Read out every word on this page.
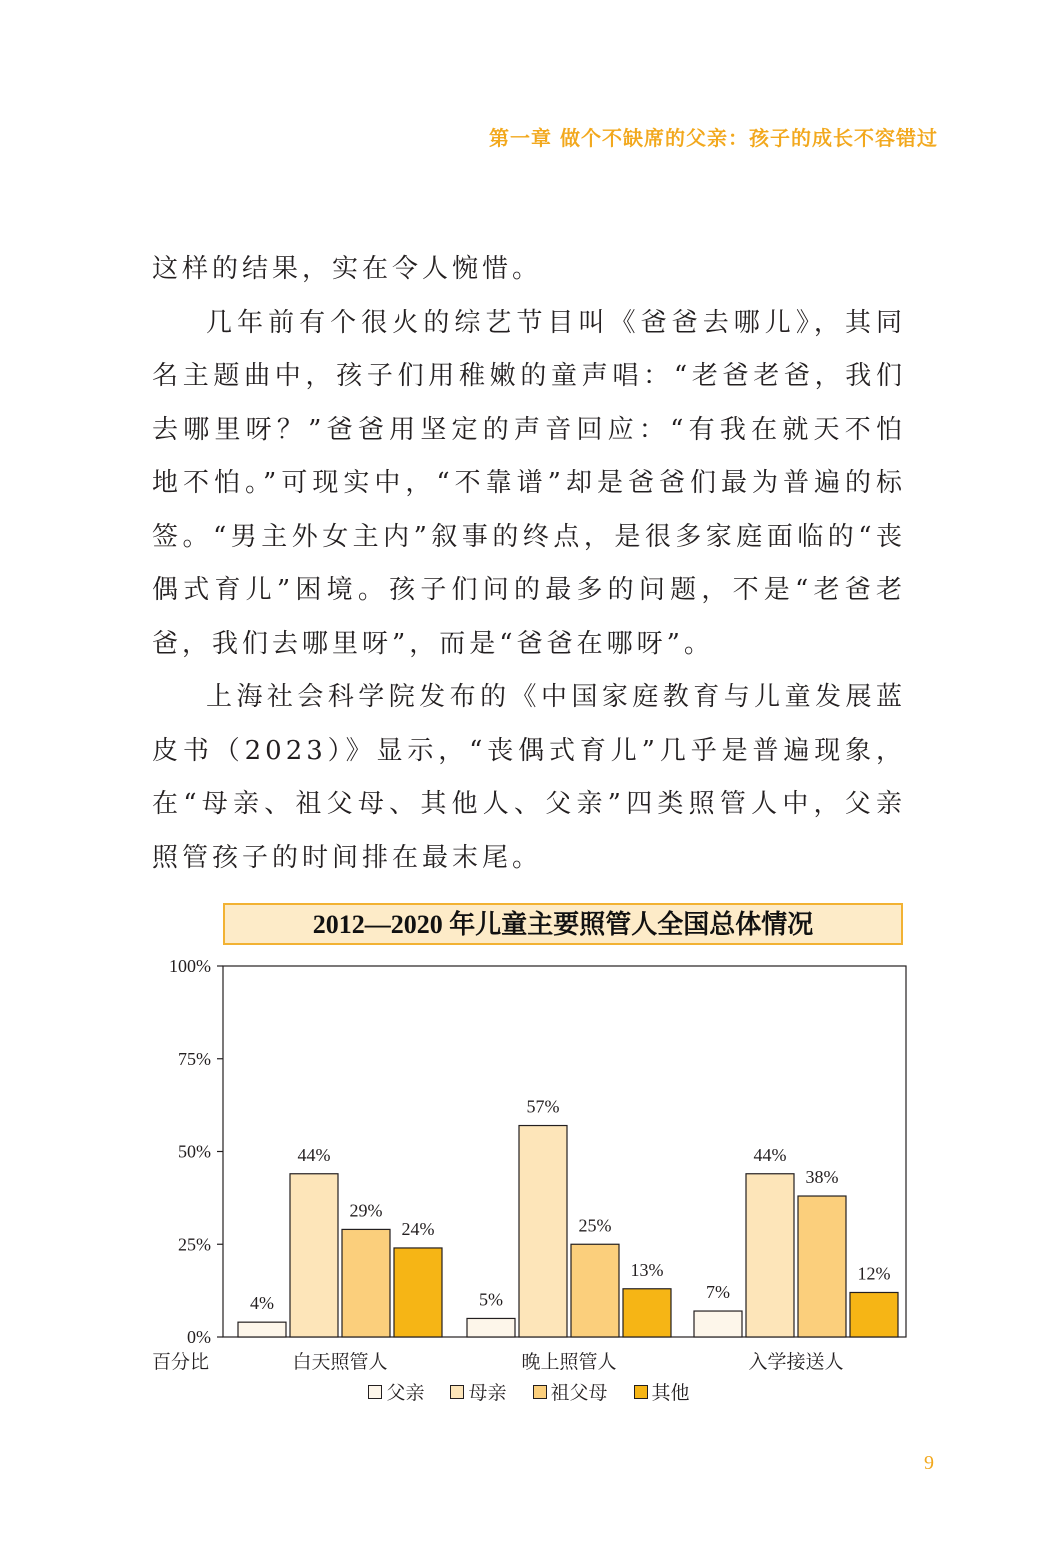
第一章 做个不缺席的父亲：孩子的成长不容错过

这样的结果，实在令人惋惜。

几年前有个很火的综艺节目叫《爸爸去哪儿》，其同名主题曲中，孩子们用稚嫩的童声唱：“老爸老爸，我们去哪里呀？”爸爸用坚定的声音回应：“有我在就天不怕地不怕。”可现实中，“不靠谱”却是爸爸们最为普遍的标签。“男主外女主内”叙事的终点，是很多家庭面临的“丧偶式育儿”困境。孩子们问的最多的问题，不是“老爸老爸，我们去哪里呀”，而是“爸爸在哪呀”。

上海社会科学院发布的《中国家庭教育与儿童发展蓝皮书（2023）》显示，“丧偶式育儿”几乎是普遍现象，在“母亲、祖父母、其他人、父亲”四类照管人中，父亲照管孩子的时间排在最末尾。

2012—2020 年儿童主要照管人全国总体情况
0%
25%
50%
75%
100%
百分比
4%
44%
29%
24%
白天照管人
5%
57%
25%
13%
晚上照管人
7%
44%
38%
12%
入学接送人
父亲 母亲 祖父母 其他
9
